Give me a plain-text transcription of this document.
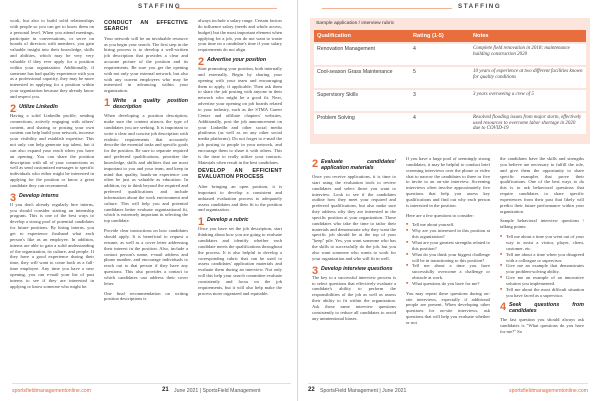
STAFFING

work, but also to build solid relationships with people so you can get to know them on a personal level. When you attend meetings, participate in conversations, or serve on boards of directors with members, you gain valuable insight into their knowledge, skills and abilities, which may be very very valuable if they ever apply for a position within your organization. Additionally, if someone has had quality experience with you as a professional capacity, they may be more interested in applying for a position within your organization because they already know and respect you.

2 Utilize LinkedIn

Having a solid LinkedIn profile, sending connections, actively engaging with others' content, and sharing or posting your own content can help build your network, increase your visibility and establish expertise. This not only can help generate top talent, but it can also expand your reach when you have an opening. You can share the position description with all of your connections as well as send customized messages to specific individuals who either might be interested in applying for the position or know a great candidate they can recommend.

3 Develop interns

If you don't already regularly hire interns, you should consider starting an internship program. This is one of the best ways to develop a strong pool of potential candidates for future positions. By hiring interns, you get to experience firsthand what each person's like as an employee. In addition, interns are able to gain a solid understanding of the organization, its culture, and people. If they have a good experience during their time, they will want to come back as a full-time employee. Any time you have a new opening, you can e-mail your list of past interns to see if they are interested in applying or know someone who might be.

CONDUCT AN EFFECTIVE SEARCH

Your network will be an invaluable resource as you begin your search. The first step in the hiring process is to develop a well-written job description that provides a clear and accurate picture of the position and its requirements. Be sure you get the opening with not only your external network, but also with any current employees who may be interested in advancing within your organization.

1 Write a quality position description

When developing a position description, make sure the content attracts the type of candidates you are seeking. It is important to write a clear and concise job description with realistic requirements that accurately describe the essential tasks and specific goals for the position. Be sure to separate required and preferred qualifications, prioritize the knowledge, skills and abilities that are most important to you and your team, and keep in mind that quality, hands-on experience can often be just as valuable as education. In addition, try to think beyond the required and preferred qualifications and include information about the work environment and culture. This will help you and potential candidates better evaluate organizational fit, which is extremely important in selecting the top candidate.

Provide clear instructions on how candidates should apply. It is beneficial to request a resume, as well as a cover letter addressing their interest in the position. Also, include a contact person's name, e-mail address and phone number, and encourage individuals to reach out to that person if they have any questions. This also provides a contact to which candidates can address their cover letter.

One final recommendation on writing position descriptions is

always include a salary range. Certain factors do influence salary (needs and whole access, budget) but the most important element when applying for a job, you do not want to waste your time on a candidate's time if your salary requirements do not align.

2 Advertise your position

Start promoting your position, both internally and externally. Begin by sharing your opening with your team and encouraging them to apply, if applicable. Then ask them to share the job posting with anyone in their network who might be a good fit. Next, advertise your opening on job boards related to your industry, such as the STMA Career Center and affiliate chapters' websites. Additionally, post the job announcement on your LinkedIn and other social media platforms (as well as on any other social media platforms). Do not forget to e-mail the job posting to people in your network, and encourage them to share it with others. This is the time to really utilize your contacts. Materials often result in the best candidates.

DEVELOP AN EFFICIENT EVALUATION PROCESS

After bringing an open position, it is important to develop a consistent and unbiased evaluation process to adequately assess candidates and their fit to the position and organization.

1 Develop a rubric

Once you have set the job description, start thinking about how you are going to evaluate candidates and identify whether each candidate meets the qualifications throughout the process. It is also helpful to develop a corresponding rubric that can be used to assess candidates' application materials and evaluate them during an interview. Not only will this help your search committee evaluate consistently and focus on the job requirements, but it will also help make the process more organized and equitable.

sportsfieldmanagementonline.com	21 June 2021 | SportsField Management
STAFFING
Sample application / interview rubric
Qualification	Rating (1-5)	Notes
Renovation Management	4	Complete field renovation in 2018; maintenance building construction 2020
Cool-season Grass Maintenance	5	10 years of experience at two different facilities known for quality conditions
Supervisory Skills	3	3 years overseeing a crew of 5
Problem Solving	4	Resolved flooding issues from major storm, effectively used resources to overcome labor shortage in 2020 due to COVID-19
2 Evaluate candidates' application materials

Once you receive applications, it is time to start using the evaluation tools to review candidates and select those you want to interview. Look to see if the candidates outline how they meet your required and preferred qualifications, but also make sure they address why they are interested in the specific position at your organization. Those candidates who take the time to tailor their materials and demonstrate why they want the specific job should be at the top of your "keep" pile. Yes, you want someone who has the skills to successfully do the job, but you also want someone who wants to work for your organization and who will fit in well.

3 Develop interview questions

The key to a successful interview process is to select questions that effectively evaluate a candidate's ability to perform the responsibilities of the job as well as assess their ability to fit within the organization. Ask those same interview questions consistently to reduce all candidates to avoid any unintentional biases.

If you have a large pool of seemingly strong candidates, it may be helpful to conduct brief screening interviews over the phone or video chat to narrow the candidates to three or five to invite to an on-site interview. Screening interviews often involve approximately five questions that help you assess key qualifications and find out why each person is interested in the position.

Here are a few questions to consider:

■ Tell me about yourself.
■ Why are you interested in this position at this organization?
■ What are your greatest strengths related to this position?
■ What do you think your biggest challenge will be in transitioning to this position?
■ Tell me about a time you have successfully overcome a challenge or obstacle at work.
■ What questions do you have for me?

You may repeat these questions during on-site interviews, especially if additional people are present. When developing other questions for on-site interviews, ask questions that will help you evaluate whether or not

the candidates have the skills and strengths you believe are necessary to fulfill the role, and give them the opportunity to share specific examples that prove their qualifications. One of the best ways to do this is to ask behavioral questions that require candidates to share specific experiences from their past that likely will predict their future performance within your organization.

Sample behavioral interview questions / talking points:

■ Tell me about a time you went out of your way to assist a visitor, player, client, customer, etc.
■ Tell me about a time when you disagreed with a colleague or supervisor.
■ Give me an example that demonstrates your problem-solving ability.
■ Give me an example of an innovative solution you implemented.
■ Tell me about the most difficult situation you have faced as a supervisor.
4 Seek questions from candidates

The last question you should always ask candidates is "What questions do you have for me?" So

22 SportsField Management | June 2021	sportsfieldmanagementonline.com
